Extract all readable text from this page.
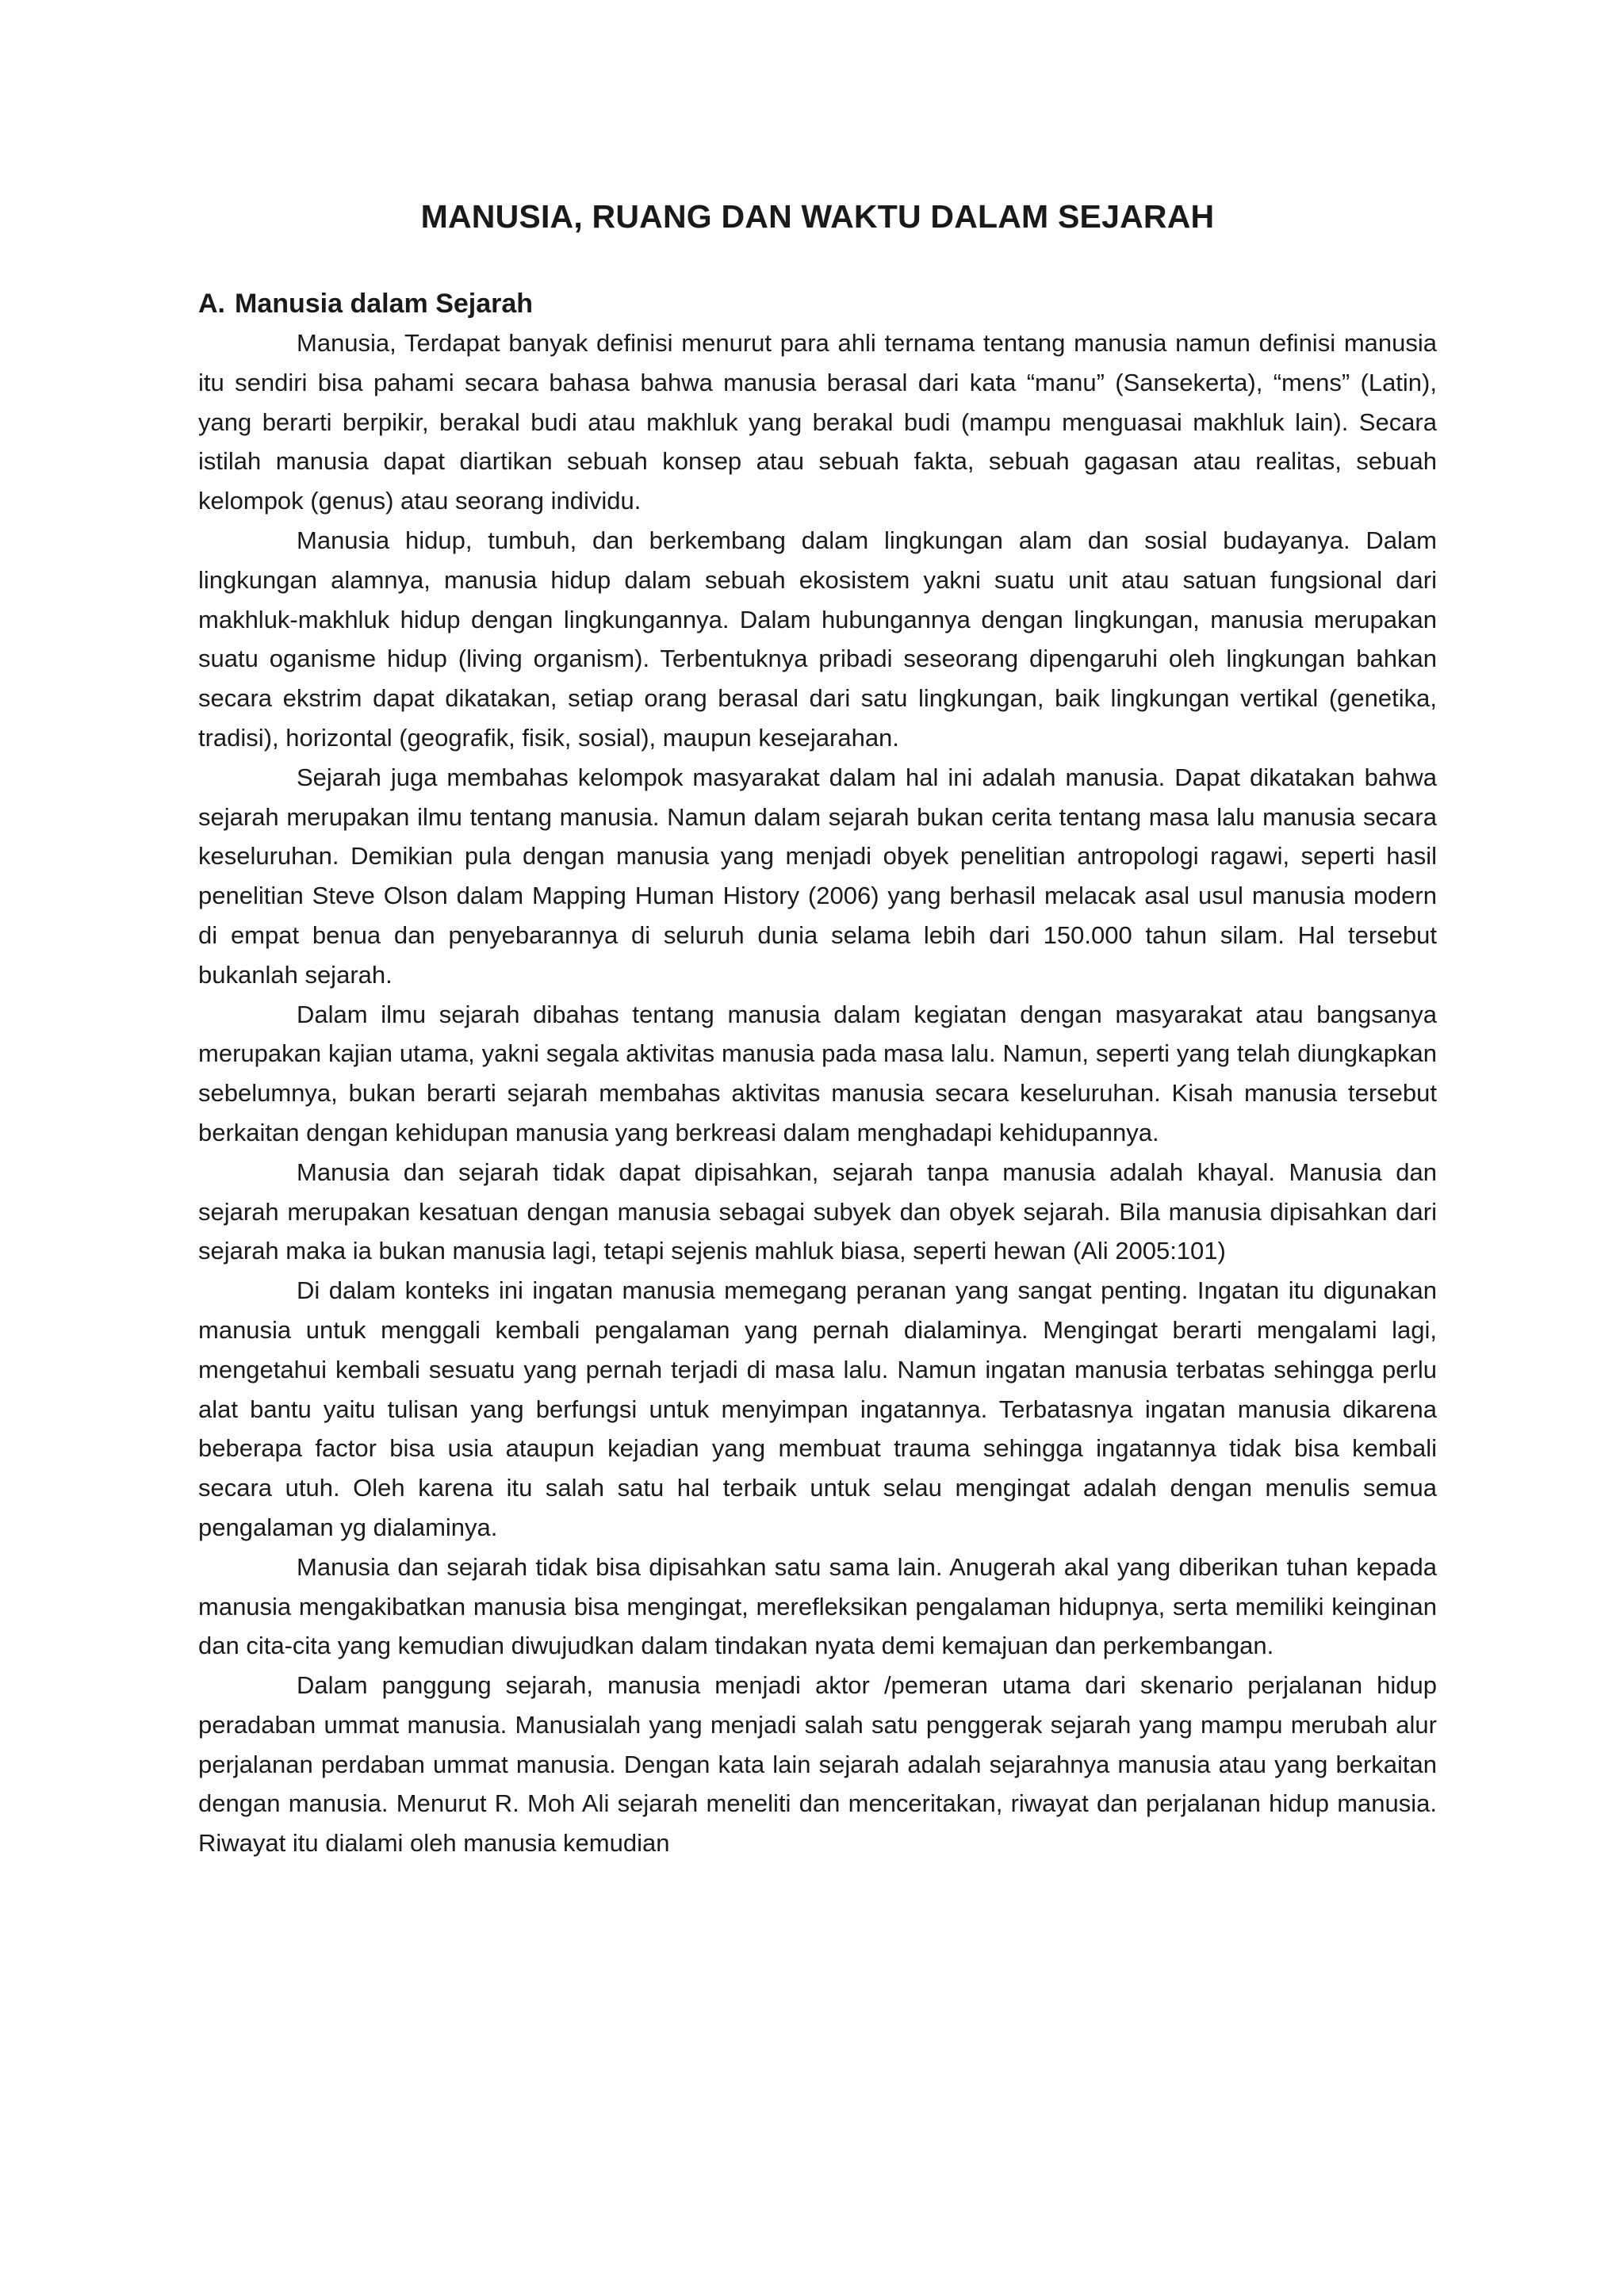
MANUSIA, RUANG DAN WAKTU DALAM SEJARAH
A. Manusia dalam Sejarah

Manusia, Terdapat banyak definisi menurut para ahli ternama tentang manusia namun definisi manusia itu sendiri bisa pahami secara bahasa bahwa manusia berasal dari kata “manu” (Sansekerta), “mens” (Latin), yang berarti berpikir, berakal budi atau makhluk yang berakal budi (mampu menguasai makhluk lain). Secara istilah manusia dapat diartikan sebuah konsep atau sebuah fakta, sebuah gagasan atau realitas, sebuah kelompok (genus) atau seorang individu.

Manusia hidup, tumbuh, dan berkembang dalam lingkungan alam dan sosial budayanya. Dalam lingkungan alamnya, manusia hidup dalam sebuah ekosistem yakni suatu unit atau satuan fungsional dari makhluk-makhluk hidup dengan lingkungannya. Dalam hubungannya dengan lingkungan, manusia merupakan suatu oganisme hidup (living organism). Terbentuknya pribadi seseorang dipengaruhi oleh lingkungan bahkan secara ekstrim dapat dikatakan, setiap orang berasal dari satu lingkungan, baik lingkungan vertikal (genetika, tradisi), horizontal (geografik, fisik, sosial), maupun kesejarahan.

Sejarah juga membahas kelompok masyarakat dalam hal ini adalah manusia. Dapat dikatakan bahwa sejarah merupakan ilmu tentang manusia. Namun dalam sejarah bukan cerita tentang masa lalu manusia secara keseluruhan. Demikian pula dengan manusia yang menjadi obyek penelitian antropologi ragawi, seperti hasil penelitian Steve Olson dalam Mapping Human History (2006) yang berhasil melacak asal usul manusia modern di empat benua dan penyebarannya di seluruh dunia selama lebih dari 150.000 tahun silam. Hal tersebut bukanlah sejarah.

Dalam ilmu sejarah dibahas tentang manusia dalam kegiatan dengan masyarakat atau bangsanya merupakan kajian utama, yakni segala aktivitas manusia pada masa lalu. Namun, seperti yang telah diungkapkan sebelumnya, bukan berarti sejarah membahas aktivitas manusia secara keseluruhan. Kisah manusia tersebut berkaitan dengan kehidupan manusia yang berkreasi dalam menghadapi kehidupannya.

Manusia dan sejarah tidak dapat dipisahkan, sejarah tanpa manusia adalah khayal. Manusia dan sejarah merupakan kesatuan dengan manusia sebagai subyek dan obyek sejarah. Bila manusia dipisahkan dari sejarah maka ia bukan manusia lagi, tetapi sejenis mahluk biasa, seperti hewan (Ali 2005:101)

Di dalam konteks ini ingatan manusia memegang peranan yang sangat penting. Ingatan itu digunakan manusia untuk menggali kembali pengalaman yang pernah dialaminya. Mengingat berarti mengalami lagi, mengetahui kembali sesuatu yang pernah terjadi di masa lalu. Namun ingatan manusia terbatas sehingga perlu alat bantu yaitu tulisan yang berfungsi untuk menyimpan ingatannya. Terbatasnya ingatan manusia dikarena beberapa factor bisa usia ataupun kejadian yang membuat trauma sehingga ingatannya tidak bisa kembali secara utuh. Oleh karena itu salah satu hal terbaik untuk selau mengingat adalah dengan menulis semua pengalaman yg dialaminya.

Manusia dan sejarah tidak bisa dipisahkan satu sama lain. Anugerah akal yang diberikan tuhan kepada manusia mengakibatkan manusia bisa mengingat, merefleksikan pengalaman hidupnya, serta memiliki keinginan dan cita-cita yang kemudian diwujudkan dalam tindakan nyata demi kemajuan dan perkembangan.

Dalam panggung sejarah, manusia menjadi aktor /pemeran utama dari skenario perjalanan hidup peradaban ummat manusia. Manusialah yang menjadi salah satu penggerak sejarah yang mampu merubah alur perjalanan perdaban ummat manusia. Dengan kata lain sejarah adalah sejarahnya manusia atau yang berkaitan dengan manusia. Menurut R. Moh Ali sejarah meneliti dan menceritakan, riwayat dan perjalanan hidup manusia. Riwayat itu dialami oleh manusia kemudian
